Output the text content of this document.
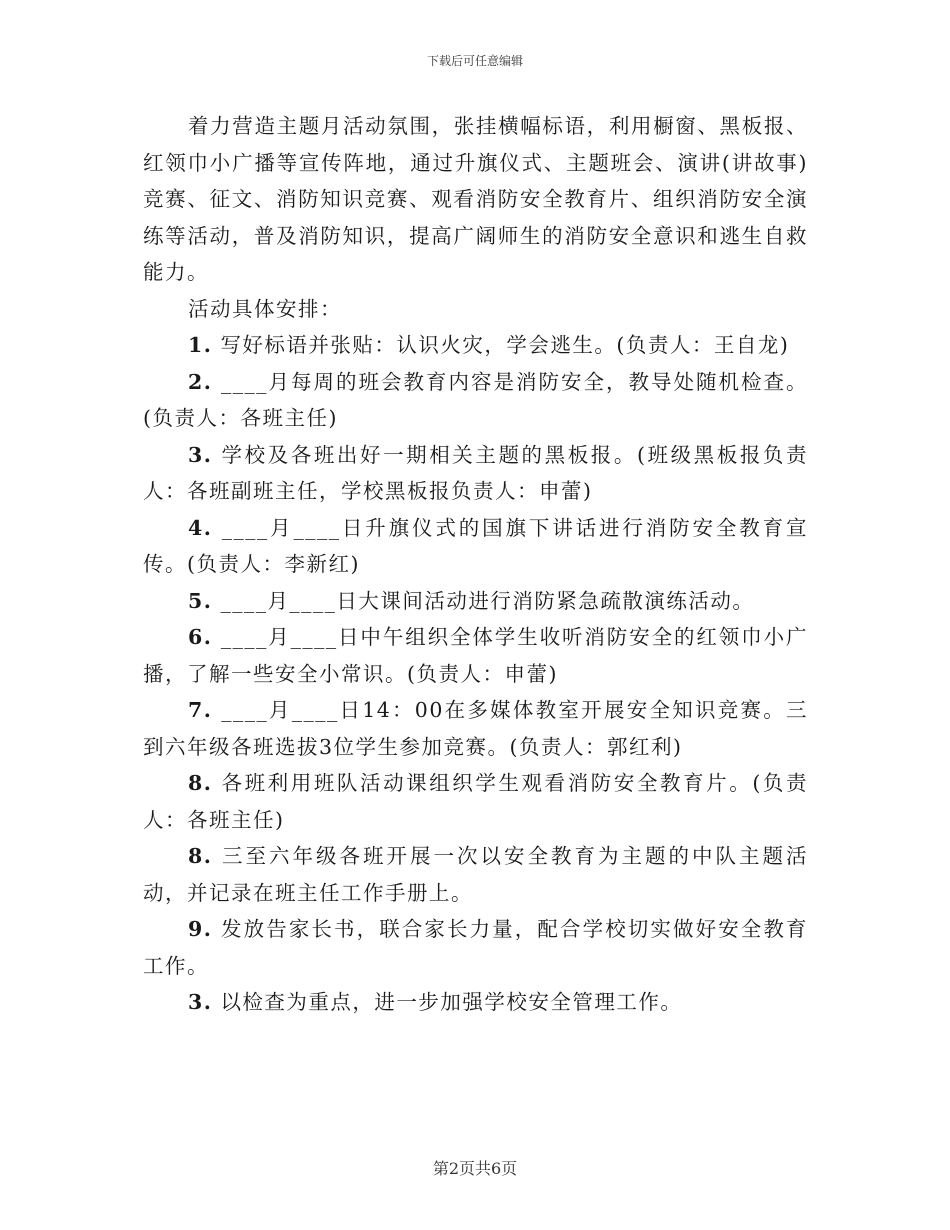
下载后可任意编辑

着力营造主题月活动氛围，张挂横幅标语，利用橱窗、黑板报、红领巾小广播等宣传阵地，通过升旗仪式、主题班会、演讲(讲故事)竞赛、征文、消防知识竞赛、观看消防安全教育片、组织消防安全演练等活动，普及消防知识，提高广阔师生的消防安全意识和逃生自救能力。

活动具体安排：

1. 写好标语并张贴：认识火灾，学会逃生。(负责人：王自龙)

2. ____月每周的班会教育内容是消防安全，教导处随机检查。(负责人：各班主任)

3. 学校及各班出好一期相关主题的黑板报。(班级黑板报负责人：各班副班主任，学校黑板报负责人：申蕾)

4. ____月____日升旗仪式的国旗下讲话进行消防安全教育宣传。(负责人：李新红)

5. ____月____日大课间活动进行消防紧急疏散演练活动。

6. ____月____日中午组织全体学生收听消防安全的红领巾小广播，了解一些安全小常识。(负责人：申蕾)

7. ____月____日14：00在多媒体教室开展安全知识竞赛。三到六年级各班选拔3位学生参加竞赛。(负责人：郭红利)

8. 各班利用班队活动课组织学生观看消防安全教育片。(负责人：各班主任)

8. 三至六年级各班开展一次以安全教育为主题的中队主题活动，并记录在班主任工作手册上。

9. 发放告家长书，联合家长力量，配合学校切实做好安全教育工作。

3. 以检查为重点，进一步加强学校安全管理工作。

第2页共6页
